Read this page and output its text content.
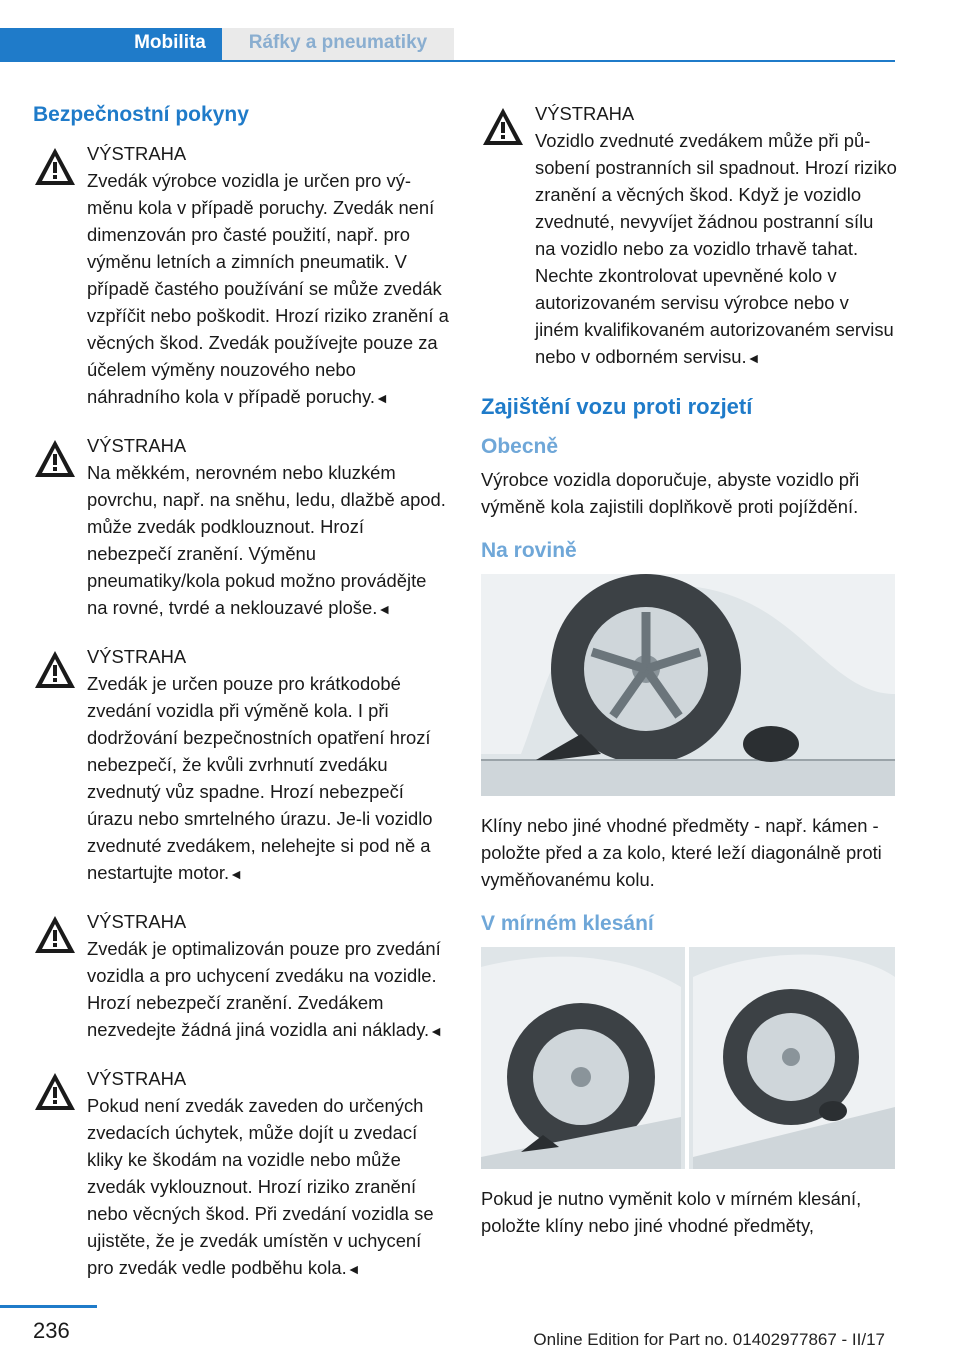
Mobilita	Ráfky a pneumatiky
Bezpečnostní pokyny
VÝSTRAHA
Zvedák výrobce vozidla je určen pro výměnu kola v případě poruchy. Zvedák není dimenzován pro časté použití, např. pro výměnu letních a zimních pneumatik. V případě častého používání se může zvedák vzpříčit nebo poškodit. Hrozí riziko zranění a věcných škod. Zvedák používejte pouze za účelem výměny nouzového nebo náhradního kola v případě poruchy.◄
VÝSTRAHA
Na měkkém, nerovném nebo kluzkém povrchu, např. na sněhu, ledu, dlažbě apod. může zvedák podklouznout. Hrozí nebezpečí zranění. Výměnu pneumatiky/kola pokud možno provádějte na rovné, tvrdé a neklouzavé ploše.◄
VÝSTRAHA
Zvedák je určen pouze pro krátkodobé zvedání vozidla při výměně kola. I při dodržování bezpečnostních opatření hrozí nebezpečí, že kvůli zvrhnutí zvedáku zvednutý vůz spadne. Hrozí nebezpečí úrazu nebo smrtelného úrazu. Je-li vozidlo zvednuté zvedákem, nelehejte si pod ně a nestartujte motor.◄
VÝSTRAHA
Zvedák je optimalizován pouze pro zvedání vozidla a pro uchycení zvedáku na vozidle. Hrozí nebezpečí zranění. Zvedákem nezvedejte žádná jiná vozidla ani náklady.◄
VÝSTRAHA
Pokud není zvedák zaveden do určených zvedacích úchytek, může dojít u zvedací kliky ke škodám na vozidle nebo může zvedák vyklouznout. Hrozí riziko zranění nebo věcných škod. Při zvedání vozidla se ujistěte, že je zvedák umístěn v uchycení pro zvedák vedle podběhu kola.◄
VÝSTRAHA
Vozidlo zvednuté zvedákem může při působení postranních sil spadnout. Hrozí riziko zranění a věcných škod. Když je vozidlo zvednuté, nevyvíjet žádnou postranní sílu na vozidlo nebo za vozidlo trhavě tahat. Nechte zkontrolovat upevněné kolo v autorizovaném servisu výrobce nebo v jiném kvalifikovaném autorizovaném servisu nebo v odborném servisu.◄
Zajištění vozu proti rozjetí
Obecně

Výrobce vozidla doporučuje, abyste vozidlo při výměně kola zajistili doplňkově proti pojíždění.

Na rovině

Klíny nebo jiné vhodné předměty - např. kámen - položte před a za kolo, které leží diagonálně proti vyměňovanému kolu.

V mírném klesání

Pokud je nutno vyměnit kolo v mírném klesání, položte klíny nebo jiné vhodné předměty,

236	Online Edition for Part no. 01402977867 - II/17
